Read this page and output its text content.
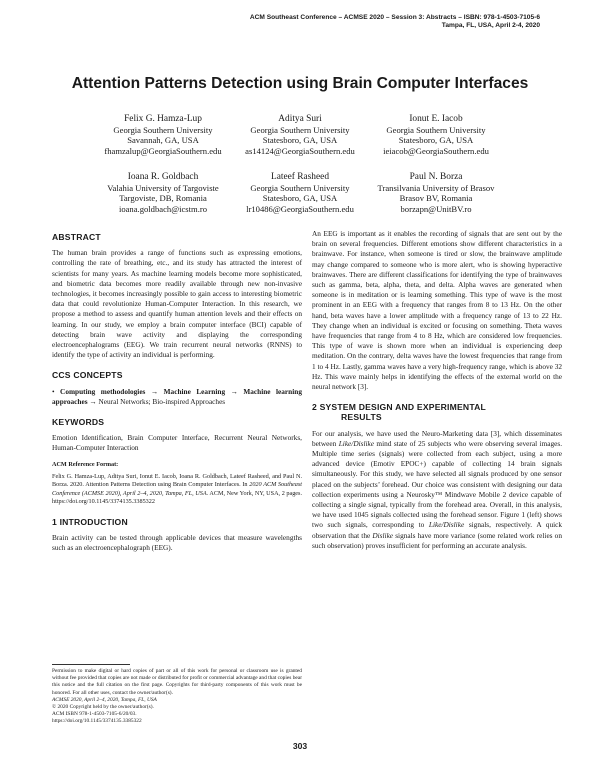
ACM Southeast Conference – ACMSE 2020 – Session 3: Abstracts – ISBN: 978-1-4503-7105-6
Tampa, FL, USA, April 2-4, 2020
Attention Patterns Detection using Brain Computer Interfaces
Felix G. Hamza-Lup
Georgia Southern University
Savannah, GA, USA
fhamzalup@GeorgiaSouthern.edu
Aditya Suri
Georgia Southern University
Statesboro, GA, USA
as14124@GeorgiaSouthern.edu
Ionut E. Iacob
Georgia Southern University
Statesboro, GA, USA
ieiacob@GeorgiaSouthern.edu
Ioana R. Goldbach
Valahia University of Targoviste
Targoviste, DB, Romania
ioana.goldbach@icstm.ro
Lateef Rasheed
Georgia Southern University
Statesboro, GA, USA
lr10486@GeorgiaSouthern.edu
Paul N. Borza
Transilvania University of Brasov
Brasov BV, Romania
borzapn@UnitBV.ro
ABSTRACT

The human brain provides a range of functions such as expressing emotions, controlling the rate of breathing, etc., and its study has attracted the interest of scientists for many years. As machine learning models become more sophisticated, and biometric data becomes more readily available through new non-invasive technologies, it becomes increasingly possible to gain access to interesting biometric data that could revolutionize Human-Computer Interaction. In this research, we propose a method to assess and quantify human attention levels and their effects on learning. In our study, we employ a brain computer interface (BCI) capable of detecting brain wave activity and displaying the corresponding electroencephalograms (EEG). We train recurrent neural networks (RNNS) to identify the type of activity an individual is performing.

CCS CONCEPTS

• Computing methodologies → Machine Learning → Machine learning approaches → Neural Networks; Bio-inspired Approaches

KEYWORDS

Emotion Identification, Brain Computer Interface, Recurrent Neural Networks, Human-Computer Interaction

ACM Reference Format:

Felix G. Hamza-Lup, Aditya Suri, Ionut E. Iacob, Ioana R. Goldbach, Lateef Rasheed, and Paul N. Borza. 2020. Attention Patterns Detection using Brain Computer Interfaces. In 2020 ACM Southeast Conference (ACMSE 2020), April 2–4, 2020, Tampa, FL, USA. ACM, New York, NY, USA, 2 pages. https://doi.org/10.1145/3374135.3385322

1 INTRODUCTION

Brain activity can be tested through applicable devices that measure wavelengths such as an electroencephalograph (EEG).

Permission to make digital or hard copies of part or all of this work for personal or classroom use is granted without fee provided that copies are not made or distributed for profit or commercial advantage and that copies bear this notice and the full citation on the first page. Copyrights for third-party components of this work must be honored. For all other uses, contact the owner/author(s).

ACMSE 2020, April 2–4, 2020, Tampa, FL, USA

© 2020 Copyright held by the owner/author(s).

ACM ISBN 978-1-4503-7105-6/20/03.

https://doi.org/10.1145/3374135.3385322

An EEG is important as it enables the recording of signals that are sent out by the brain on several frequencies. Different emotions show different characteristics in a brainwave. For instance, when someone is tired or slow, the brainwave amplitude may change compared to someone who is more alert, who is showing hyperactive brainwaves. There are different classifications for identifying the type of brainwaves such as gamma, beta, alpha, theta, and delta. Alpha waves are generated when someone is in meditation or is learning something. This type of wave is the most prominent in an EEG with a frequency that ranges from 8 to 13 Hz. On the other hand, beta waves have a lower amplitude with a frequency range of 13 to 22 Hz. They change when an individual is excited or focusing on something. Theta waves have frequencies that range from 4 to 8 Hz, which are considered low frequencies. This type of wave is shown more when an individual is experiencing deep meditation. On the contrary, delta waves have the lowest frequencies that range from 1 to 4 Hz. Lastly, gamma waves have a very high-frequency range, which is above 32 Hz. This wave mainly helps in identifying the effects of the external world on the neural network [3].

2 SYSTEM DESIGN AND EXPERIMENTAL
RESULTS

For our analysis, we have used the Neuro-Marketing data [3], which disseminates between Like/Dislike mind state of 25 subjects who were observing several images. Multiple time series (signals) were collected from each subject, using a more advanced device (Emotiv EPOC+) capable of collecting 14 brain signals simultaneously. For this study, we have selected all signals produced by one sensor placed on the subjects’ forehead. Our choice was consistent with designing our data collection experiments using a Neurosky™ Mindwave Mobile 2 device capable of collecting a single signal, typically from the forehead area. Overall, in this analysis, we have used 1045 signals collected using the forehead sensor. Figure 1 (left) shows two such signals, corresponding to Like/Dislike signals, respectively. A quick observation that the Dislike signals have more variance (some related work relies on such observation) proves insufficient for performing an accurate analysis.

303
